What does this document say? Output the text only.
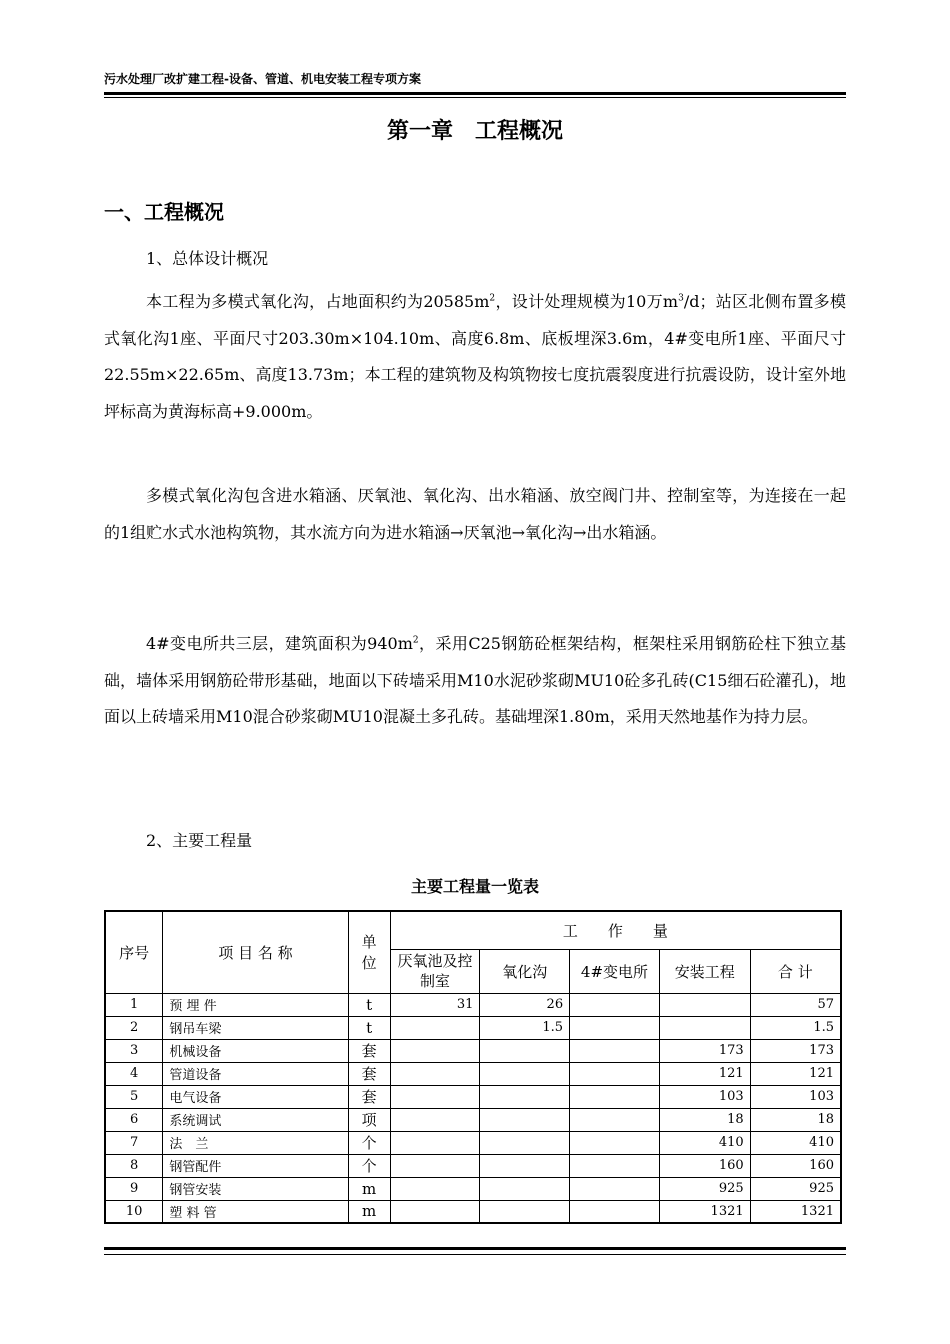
污水处理厂改扩建工程-设备、管道、机电安装工程专项方案
第一章　工程概况
一、工程概况
1、总体设计概况

本工程为多模式氧化沟，占地面积约为$20585m^2$，设计处理规模为10万$m^3/d$；站区北侧布置多模式氧化沟1座、平面尺寸203.30m×104.10m、高度6.8m、底板埋深3.6m，4#变电所1座、平面尺寸22.55m×22.65m、高度13.73m；本工程的建筑物及构筑物按七度抗震裂度进行抗震设防，设计室外地坪标高为黄海标高+9.000m。

多模式氧化沟包含进水箱涵、厌氧池、氧化沟、出水箱涵、放空阀门井、控制室等，为连接在一起的1组贮水式水池构筑物，其水流方向为进水箱涵→厌氧池→氧化沟→出水箱涵。

4#变电所共三层，建筑面积为$940m^2$，采用C25钢筋砼框架结构，框架柱采用钢筋砼柱下独立基础，墙体采用钢筋砼带形基础，地面以下砖墙采用M10水泥砂浆砌MU10砼多孔砖(C15细石砼灌孔)，地面以上砖墙采用M10混合砂浆砌MU10混凝土多孔砖。基础埋深1.80m，采用天然地基作为持力层。

2、主要工程量
主要工程量一览表
序号	项 目 名 称	单位	工　　作　　量				
			厌氧池及控制室	氧化沟	4#变电所	安装工程	合 计
1	预 埋 件	t	31	26			57
2	钢吊车梁	t		1.5			1.5
3	机械设备	套				173	173
4	管道设备	套				121	121
5	电气设备	套				103	103
6	系统调试	项				18	18
7	法　兰	个				410	410
8	钢管配件	个				160	160
9	钢管安装	m				925	925
10	塑 料 管	m				1321	1321
